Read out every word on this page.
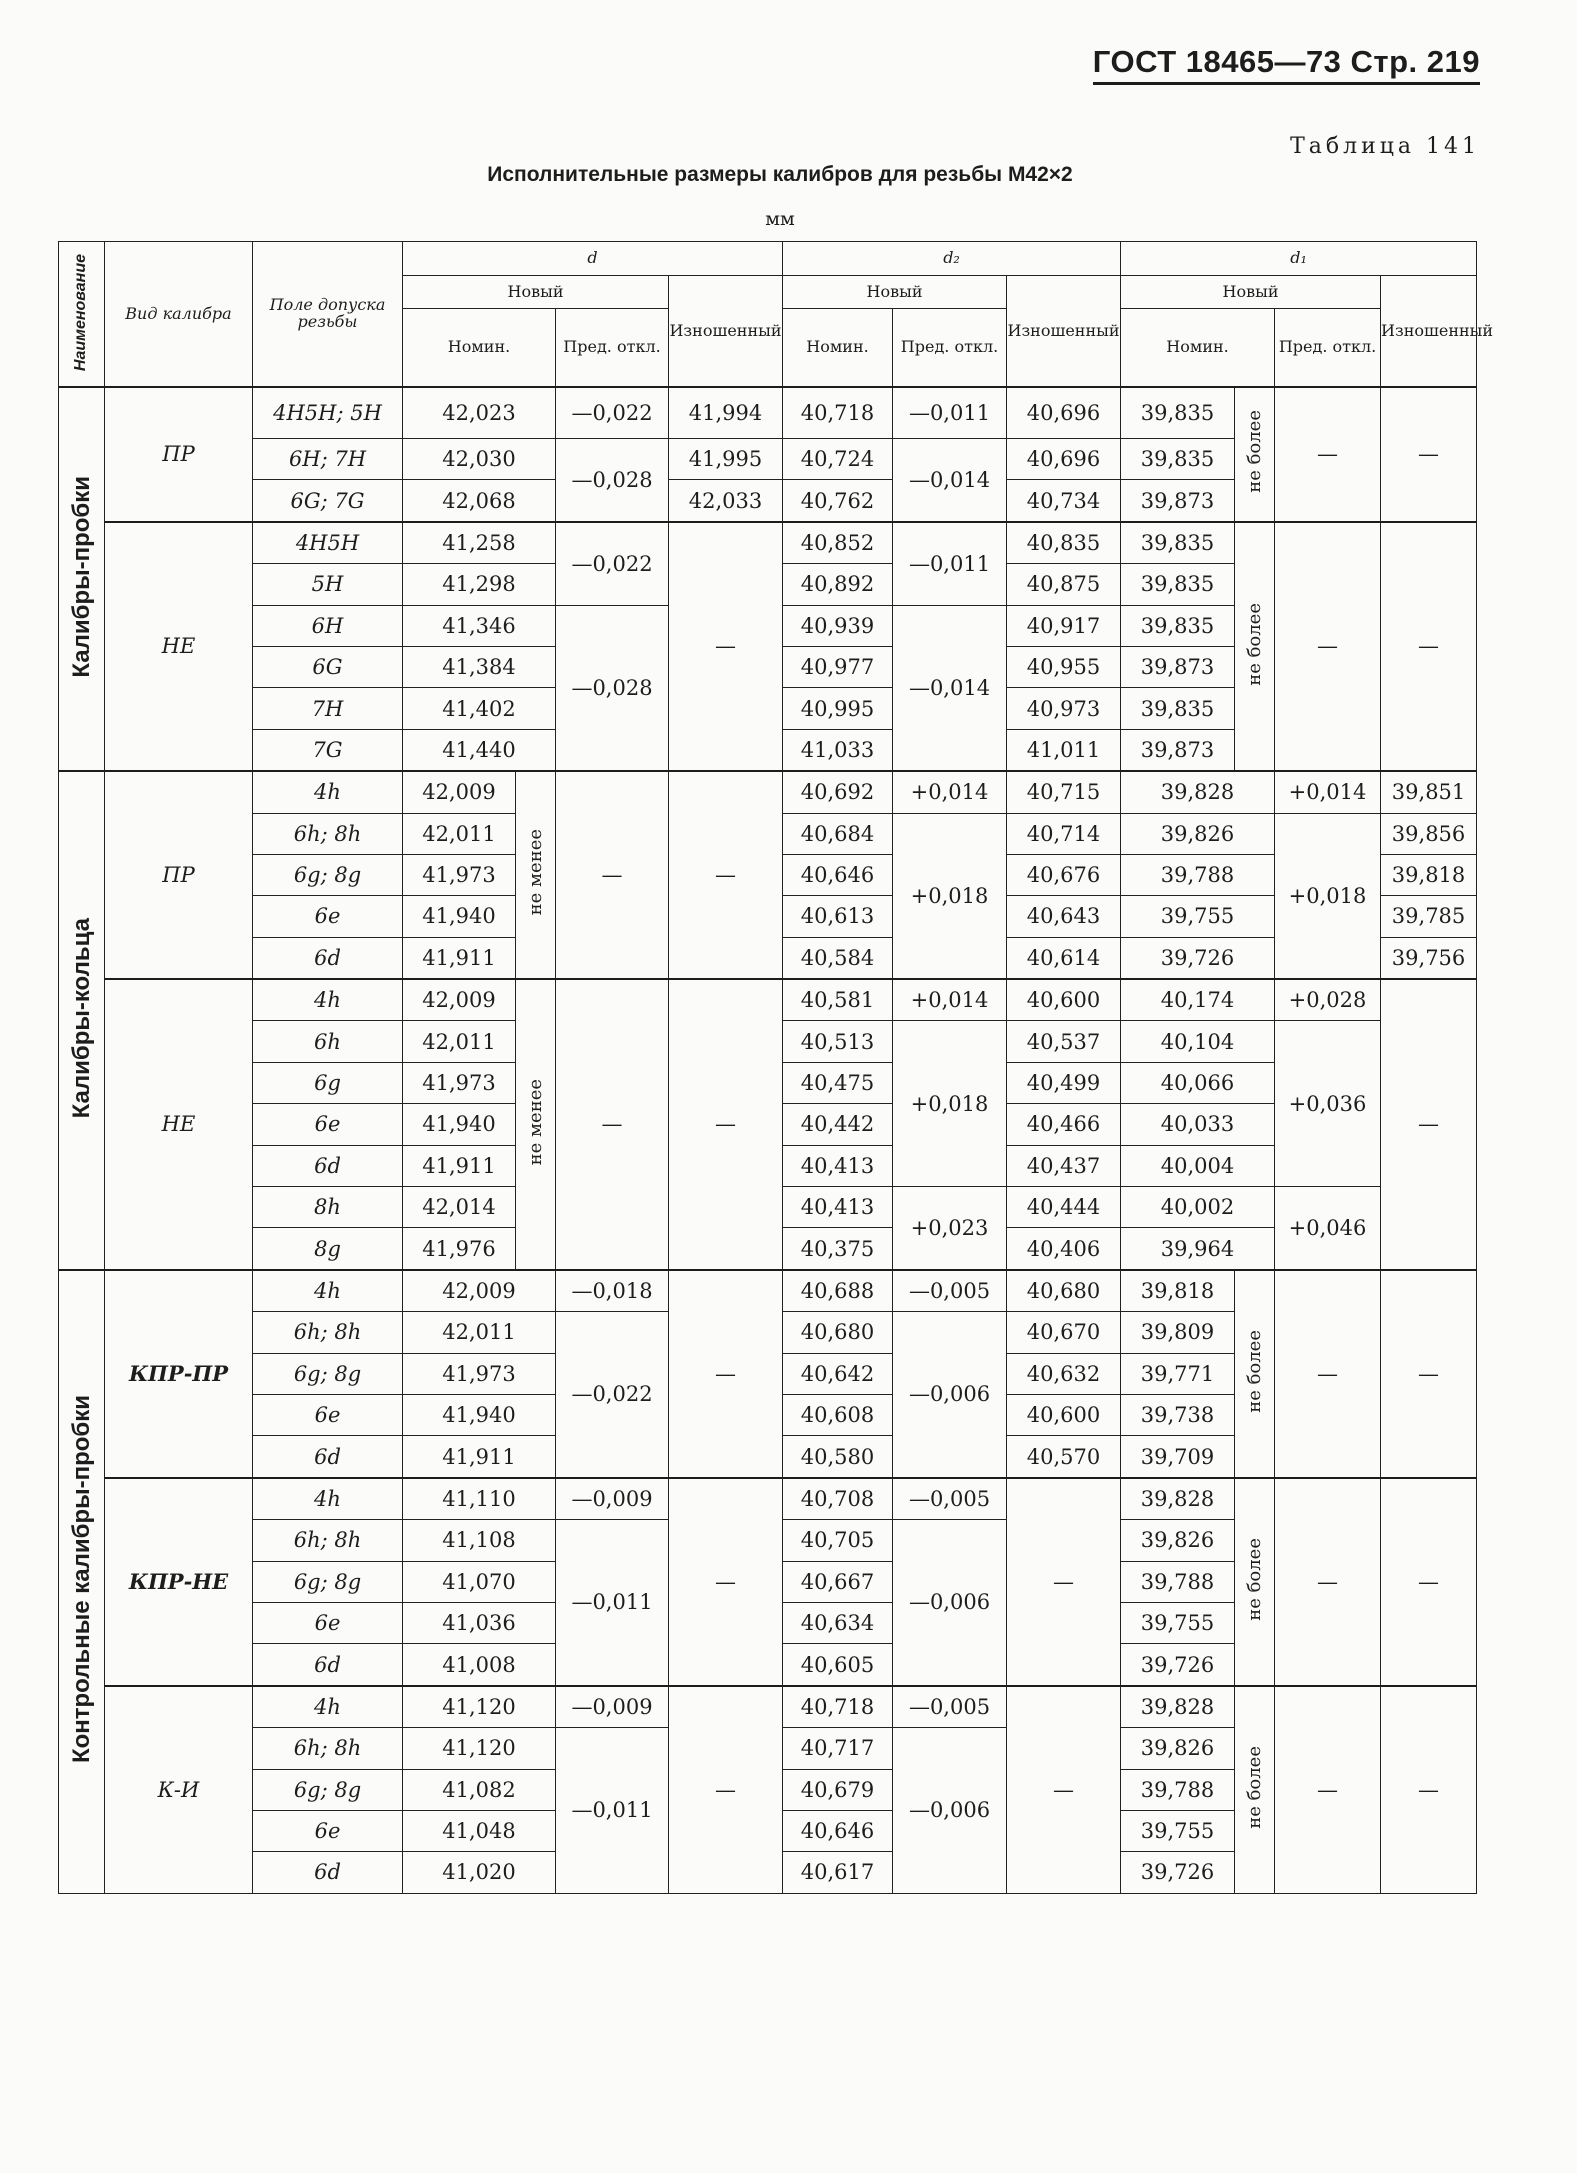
ГОСТ 18465—73 Стр. 219
Таблица 141
Исполнительные размеры калибров для резьбы М42×2
мм
Наименование	Вид калибра	Поле допуска резьбы	d				d₂			d₁			
			Новый			Изношенный	Новый		Изношенный	Новый			Изношенный
			Номин.		Пред. откл.		Номин.	Пред. откл.		Номин.		Пред. откл.	
Калибры-пробки	ПР	4Н5Н; 5Н	42,023		—0,022	41,994	40,718	—0,011	40,696	39,835	не более	—	—
		6Н; 7Н	42,030		—0,028	41,995	40,724	—0,014	40,696	39,835			
		6G; 7G	42,068			42,033	40,762		40,734	39,873			
	НЕ	4Н5Н	41,258		—0,022	—	40,852	—0,011	40,835	39,835	не более	—	—
		5Н	41,298				40,892		40,875	39,835			
		6Н	41,346		—0,028		40,939	—0,014	40,917	39,835			
		6G	41,384				40,977		40,955	39,873			
		7Н	41,402				40,995		40,973	39,835			
		7G	41,440				41,033		41,011	39,873			
Калибры-кольца	ПР	4h	42,009	не менее	—	—	40,692	+0,014	40,715	39,828		+0,014	39,851
		6h; 8h	42,011				40,684	+0,018	40,714	39,826		+0,018	39,856
		6g; 8g	41,973				40,646		40,676	39,788			39,818
		6e	41,940				40,613		40,643	39,755			39,785
		6d	41,911				40,584		40,614	39,726			39,756
	НЕ	4h	42,009	не менее	—	—	40,581	+0,014	40,600	40,174		+0,028	—
		6h	42,011				40,513	+0,018	40,537	40,104		+0,036	
		6g	41,973				40,475		40,499	40,066			
		6e	41,940				40,442		40,466	40,033			
		6d	41,911				40,413		40,437	40,004			
		8h	42,014				40,413	+0,023	40,444	40,002		+0,046	
		8g	41,976				40,375		40,406	39,964			
Контрольные калибры-пробки	КПР-ПР	4h	42,009		—0,018	—	40,688	—0,005	40,680	39,818	не более	—	—
		6h; 8h	42,011		—0,022		40,680	—0,006	40,670	39,809			
		6g; 8g	41,973				40,642		40,632	39,771			
		6e	41,940				40,608		40,600	39,738			
		6d	41,911				40,580		40,570	39,709			
	КПР-НЕ	4h	41,110		—0,009	—	40,708	—0,005	—	39,828	не более	—	—
		6h; 8h	41,108		—0,011		40,705	—0,006		39,826			
		6g; 8g	41,070				40,667			39,788			
		6e	41,036				40,634			39,755			
		6d	41,008				40,605			39,726			
	К-И	4h	41,120		—0,009	—	40,718	—0,005	—	39,828	не более	—	—
		6h; 8h	41,120		—0,011		40,717	—0,006		39,826			
		6g; 8g	41,082				40,679			39,788			
		6e	41,048				40,646			39,755			
		6d	41,020				40,617			39,726			
